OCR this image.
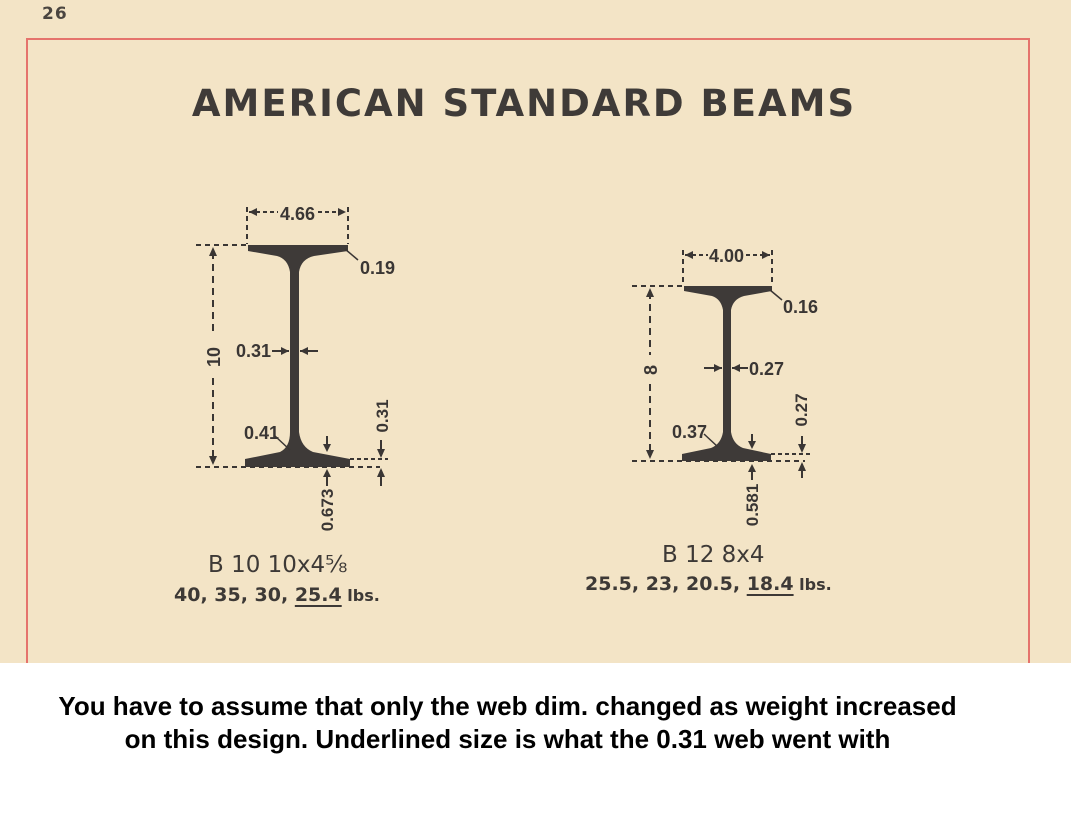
26
AMERICAN STANDARD BEAMS
4.66
0.19
10 0.31
0.41
0.31
0.673
4.00
0.16
8	0.27
0.37
0.27
0.581
B 10 10x4⅝
40, 35, 30, 25.4 lbs.
B 12 8x4
25.5, 23, 20.5, 18.4 lbs.
You have to assume that only the web dim. changed as weight increased on this design. Underlined size is what the 0.31 web went with
